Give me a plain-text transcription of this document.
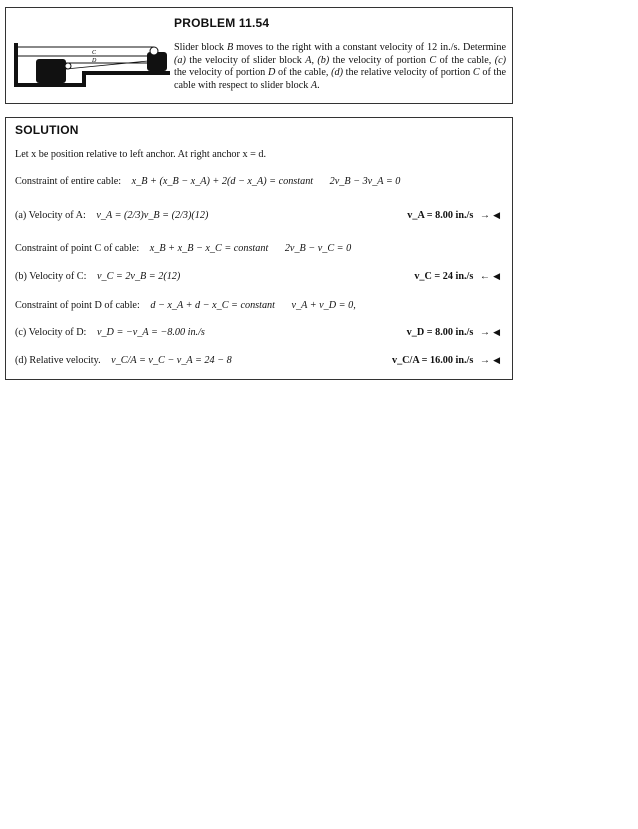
C
D
PROBLEM 11.54
Slider block B moves to the right with a constant velocity of 12 in./s. Determine (a) the velocity of slider block A, (b) the velocity of portion C of the cable, (c) the velocity of portion D of the cable, (d) the relative velocity of portion C of the cable with respect to slider block A.
SOLUTION
Let x be position relative to left anchor. At right anchor x = d.
Constraint of entire cable: x_B + (x_B − x_A) + 2(d − x_A) = constant 2v_B − 3v_A = 0
(a) Velocity of A: v_A = (2/3)v_B = (2/3)(12)	v_A = 8.00 in./s → ◀
Constraint of point C of cable: x_B + x_B − x_C = constant 2v_B − v_C = 0
(b) Velocity of C: v_C = 2v_B = 2(12)	v_C = 24 in./s ← ◀
Constraint of point D of cable: d − x_A + d − x_C = constant v_A + v_D = 0,
(c) Velocity of D: v_D = −v_A = −8.00 in./s	v_D = 8.00 in./s → ◀
(d) Relative velocity. v_C/A = v_C − v_A = 24 − 8	v_C/A = 16.00 in./s → ◀
